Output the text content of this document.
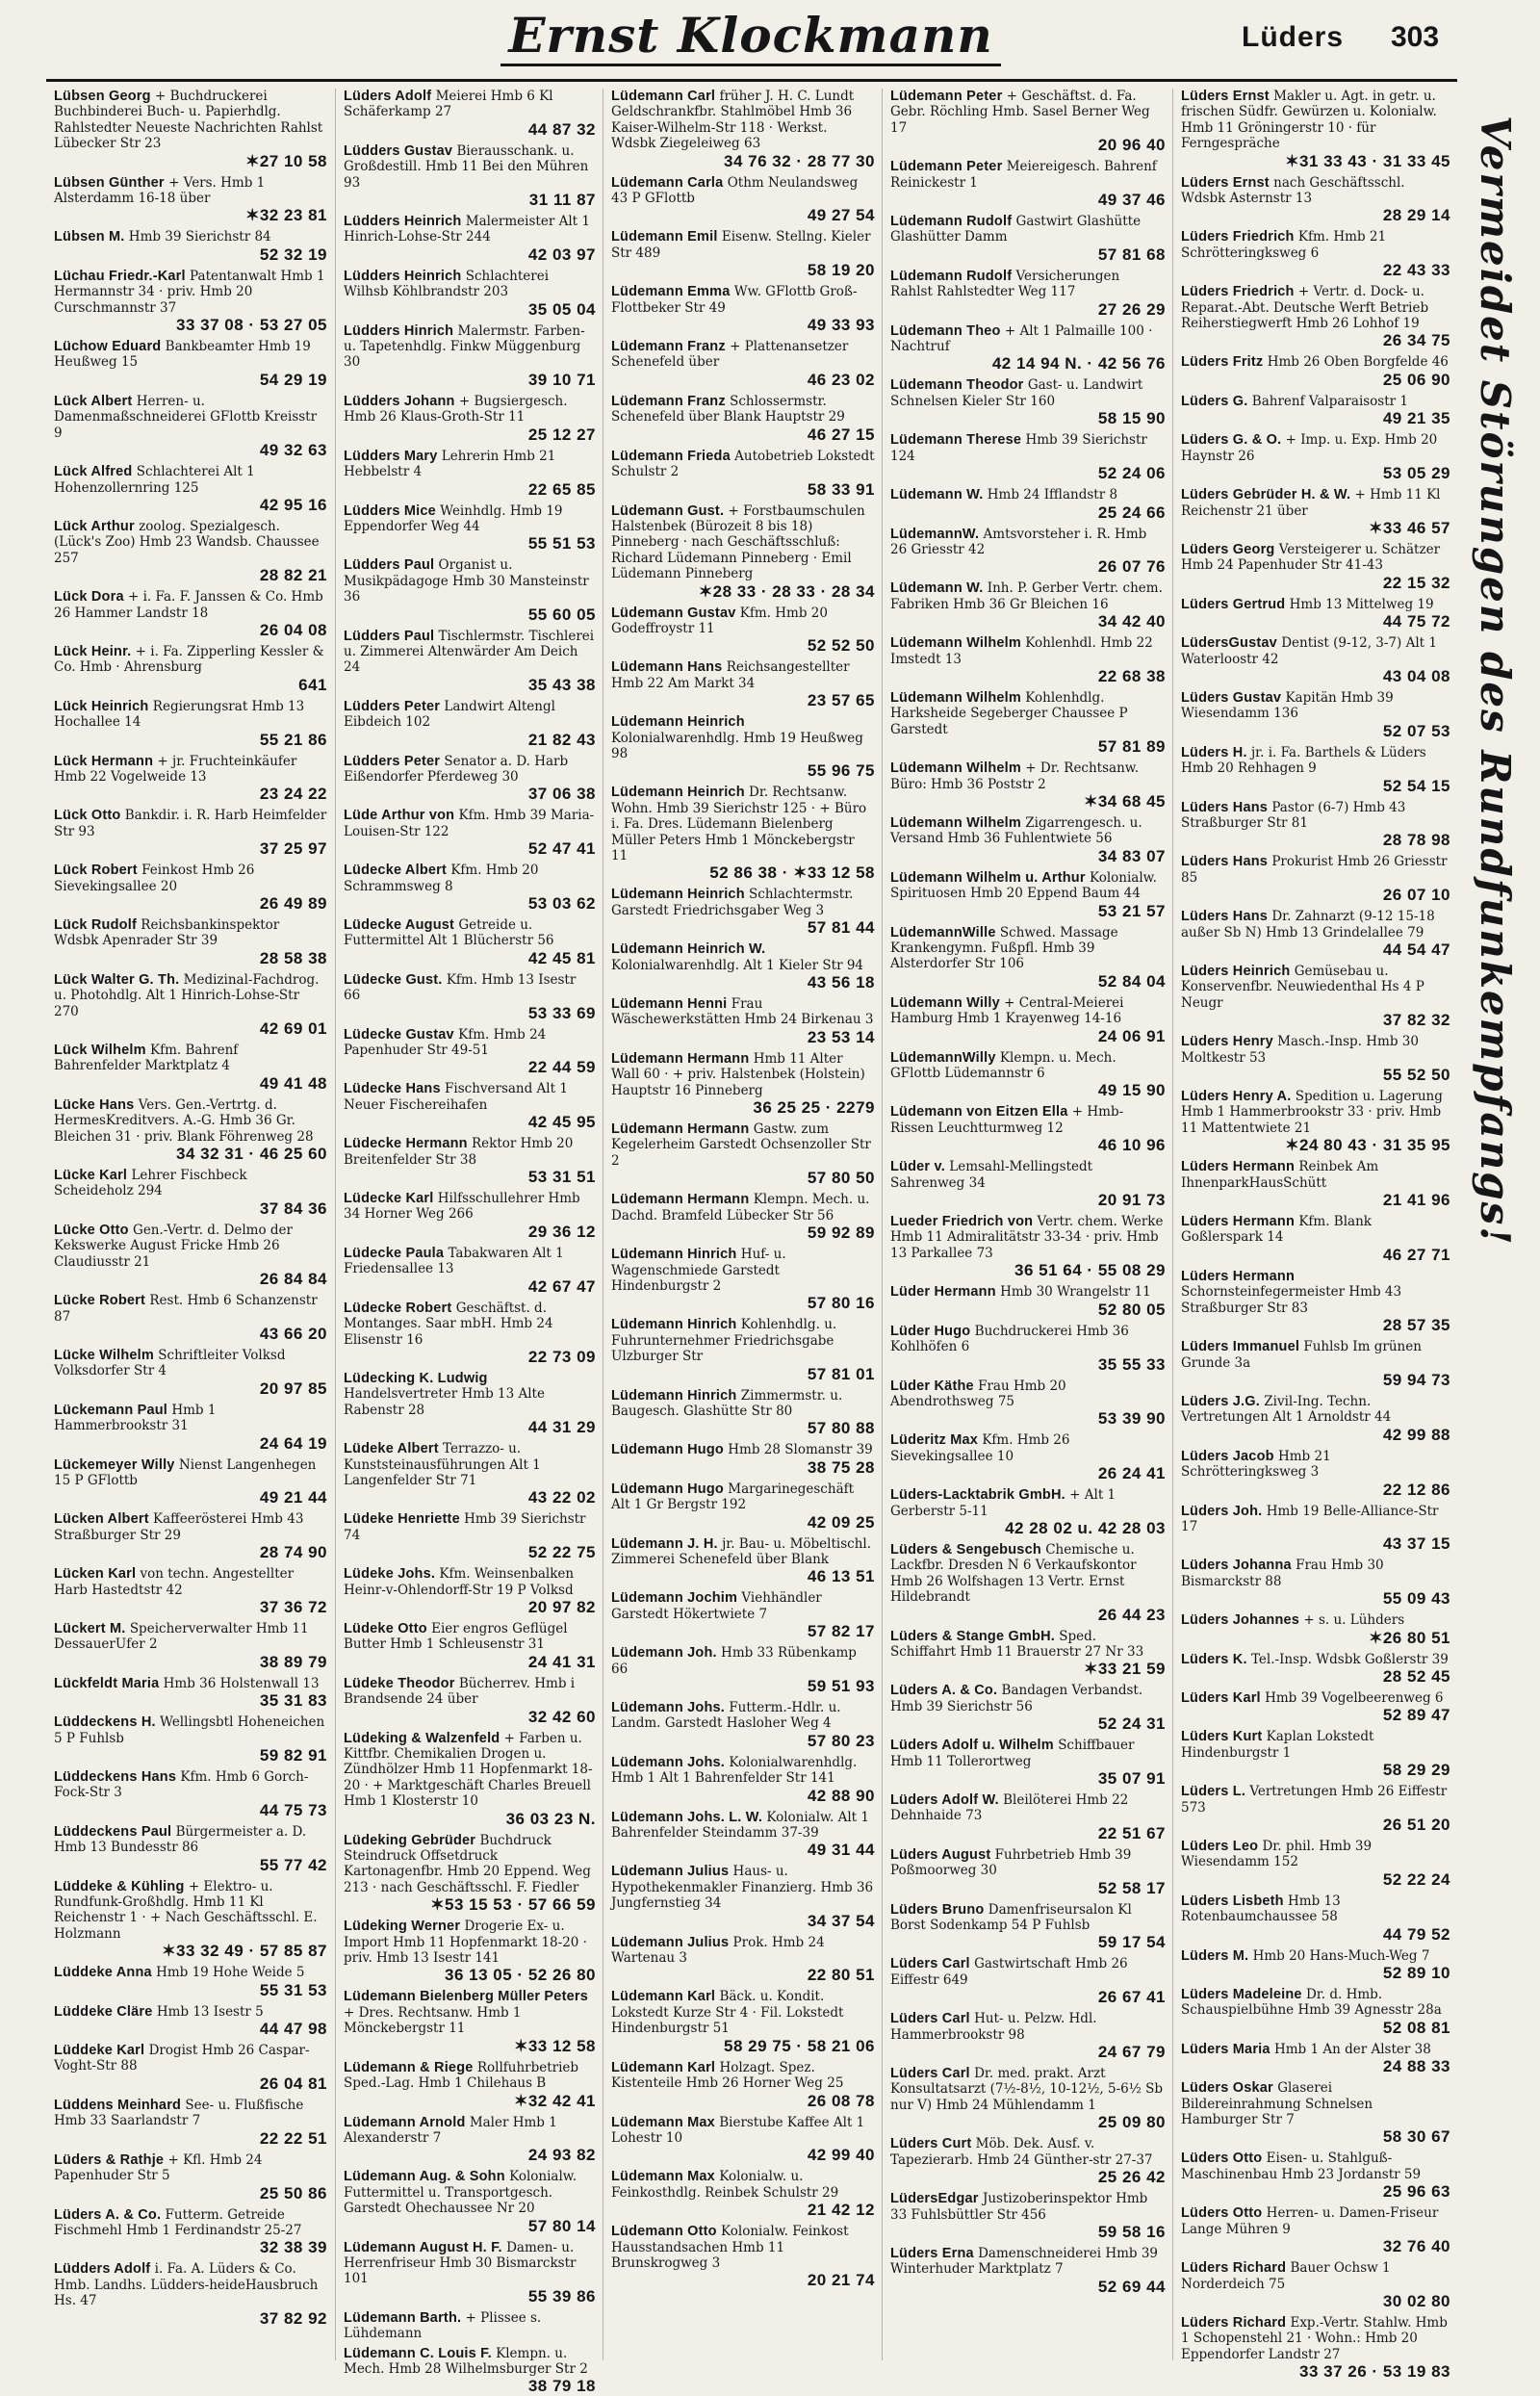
Ernst Klockmann	Lüders 303
Lübsen Georg + Buchdruckerei Buchbinderei Buch- u. Papierhdlg. Rahlstedter Neueste Nachrichten Rahlst Lübecker Str 23
✶27 10 58
Lübsen Günther + Vers. Hmb 1 Alsterdamm 16-18 über
✶32 23 81
Lübsen M. Hmb 39 Sierichstr 84
52 32 19
Lüchau Friedr.-Karl Patentanwalt Hmb 1 Hermannstr 34 · priv. Hmb 20 Curschmannstr 37
33 37 08 · 53 27 05
Lüchow Eduard Bankbeamter Hmb 19 Heußweg 15
54 29 19
Lück Albert Herren- u. Damenmaßschneiderei GFlottb Kreisstr 9
49 32 63
Lück Alfred Schlachterei Alt 1 Hohenzollernring 125
42 95 16
Lück Arthur zoolog. Spezialgesch. (Lück's Zoo) Hmb 23 Wandsb. Chaussee 257
28 82 21
Lück Dora + i. Fa. F. Janssen & Co. Hmb 26 Hammer Landstr 18
26 04 08
Lück Heinr. + i. Fa. Zipperling Kessler & Co. Hmb · Ahrensburg
641
Lück Heinrich Regierungsrat Hmb 13 Hochallee 14
55 21 86
Lück Hermann + jr. Fruchteinkäufer Hmb 22 Vogelweide 13
23 24 22
Lück Otto Bankdir. i. R. Harb Heimfelder Str 93
37 25 97
Lück Robert Feinkost Hmb 26 Sievekingsallee 20
26 49 89
Lück Rudolf Reichsbankinspektor Wdsbk Apenrader Str 39
28 58 38
Lück Walter G. Th. Medizinal-Fachdrog. u. Photohdlg. Alt 1 Hinrich-Lohse-Str 270
42 69 01
Lück Wilhelm Kfm. Bahrenf Bahrenfelder Marktplatz 4
49 41 48
Lücke Hans Vers. Gen.-Vertrtg. d. HermesKreditvers. A.-G. Hmb 36 Gr. Bleichen 31 · priv. Blank Föhrenweg 28
34 32 31 · 46 25 60
Lücke Karl Lehrer Fischbeck Scheideholz 294
37 84 36
Lücke Otto Gen.-Vertr. d. Delmo der Kekswerke August Fricke Hmb 26 Claudiusstr 21
26 84 84
Lücke Robert Rest. Hmb 6 Schanzenstr 87
43 66 20
Lücke Wilhelm Schriftleiter Volksd Volksdorfer Str 4
20 97 85
Lückemann Paul Hmb 1 Hammerbrookstr 31
24 64 19
Lückemeyer Willy Nienst Langenhegen 15 P GFlottb
49 21 44
Lücken Albert Kaffeerösterei Hmb 43 Straßburger Str 29
28 74 90
Lücken Karl von techn. Angestellter Harb Hastedtstr 42
37 36 72
Lückert M. Speicherverwalter Hmb 11 DessauerUfer 2
38 89 79
Lückfeldt Maria Hmb 36 Holstenwall 13
35 31 83
Lüddeckens H. Wellingsbtl Hoheneichen 5 P Fuhlsb
59 82 91
Lüddeckens Hans Kfm. Hmb 6 Gorch-Fock-Str 3
44 75 73
Lüddeckens Paul Bürgermeister a. D. Hmb 13 Bundesstr 86
55 77 42
Lüddeke & Kühling + Elektro- u. Rundfunk-Großhdlg. Hmb 11 Kl Reichenstr 1 · + Nach Geschäftsschl. E. Holzmann
✶33 32 49 · 57 85 87
Lüddeke Anna Hmb 19 Hohe Weide 5
55 31 53
Lüddeke Cläre Hmb 13 Isestr 5
44 47 98
Lüddeke Karl Drogist Hmb 26 Caspar-Voght-Str 88
26 04 81
Lüddens Meinhard See- u. Flußfische Hmb 33 Saarlandstr 7
22 22 51
Lüders & Rathje + Kfl. Hmb 24 Papenhuder Str 5
25 50 86
Lüders A. & Co. Futterm. Getreide Fischmehl Hmb 1 Ferdinandstr 25-27
32 38 39
Lüdders Adolf i. Fa. A. Lüders & Co. Hmb. Landhs. Lüdders-heideHausbruch Hs. 47
37 82 92
Lüders Adolf Meierei Hmb 6 Kl Schäferkamp 27
44 87 32
Lüdders Gustav Bierausschank. u. Großdestill. Hmb 11 Bei den Mühren 93
31 11 87
Lüdders Heinrich Malermeister Alt 1 Hinrich-Lohse-Str 244
42 03 97
Lüdders Heinrich Schlachterei Wilhsb Köhlbrandstr 203
35 05 04
Lüdders Hinrich Malermstr. Farben- u. Tapetenhdlg. Finkw Müggenburg 30
39 10 71
Lüdders Johann + Bugsiergesch. Hmb 26 Klaus-Groth-Str 11
25 12 27
Lüdders Mary Lehrerin Hmb 21 Hebbelstr 4
22 65 85
Lüdders Mice Weinhdlg. Hmb 19 Eppendorfer Weg 44
55 51 53
Lüdders Paul Organist u. Musikpädagoge Hmb 30 Mansteinstr 36
55 60 05
Lüdders Paul Tischlermstr. Tischlerei u. Zimmerei Altenwärder Am Deich 24
35 43 38
Lüdders Peter Landwirt Altengl Eibdeich 102
21 82 43
Lüdders Peter Senator a. D. Harb Eißendorfer Pferdeweg 30
37 06 38
Lüde Arthur von Kfm. Hmb 39 Maria-Louisen-Str 122
52 47 41
Lüdecke Albert Kfm. Hmb 20 Schrammsweg 8
53 03 62
Lüdecke August Getreide u. Futtermittel Alt 1 Blücherstr 56
42 45 81
Lüdecke Gust. Kfm. Hmb 13 Isestr 66
53 33 69
Lüdecke Gustav Kfm. Hmb 24 Papenhuder Str 49-51
22 44 59
Lüdecke Hans Fischversand Alt 1 Neuer Fischereihafen
42 45 95
Lüdecke Hermann Rektor Hmb 20 Breitenfelder Str 38
53 31 51
Lüdecke Karl Hilfsschullehrer Hmb 34 Horner Weg 266
29 36 12
Lüdecke Paula Tabakwaren Alt 1 Friedensallee 13
42 67 47
Lüdecke Robert Geschäftst. d. Montanges. Saar mbH. Hmb 24 Elisenstr 16
22 73 09
Lüdecking K. Ludwig Handelsvertreter Hmb 13 Alte Rabenstr 28
44 31 29
Lüdeke Albert Terrazzo- u. Kunststeinausführungen Alt 1 Langenfelder Str 71
43 22 02
Lüdeke Henriette Hmb 39 Sierichstr 74
52 22 75
Lüdeke Johs. Kfm. Weinsenbalken Heinr-v-Ohlendorff-Str 19 P Volksd
20 97 82
Lüdeke Otto Eier engros Geflügel Butter Hmb 1 Schleusenstr 31
24 41 31
Lüdeke Theodor Bücherrev. Hmb i Brandsende 24 über
32 42 60
Lüdeking & Walzenfeld + Farben u. Kittfbr. Chemikalien Drogen u. Zündhölzer Hmb 11 Hopfenmarkt 18-20 · + Marktgeschäft Charles Breuell Hmb 1 Klosterstr 10
36 03 23 N.
Lüdeking Gebrüder Buchdruck Steindruck Offsetdruck Kartonagenfbr. Hmb 20 Eppend. Weg 213 · nach Geschäftsschl. F. Fiedler
✶53 15 53 · 57 66 59
Lüdeking Werner Drogerie Ex- u. Import Hmb 11 Hopfenmarkt 18-20 · priv. Hmb 13 Isestr 141
36 13 05 · 52 26 80
Lüdemann Bielenberg Müller Peters + Dres. Rechtsanw. Hmb 1 Mönckebergstr 11
✶33 12 58
Lüdemann & Riege Rollfuhrbetrieb Sped.-Lag. Hmb 1 Chilehaus B
✶32 42 41
Lüdemann Arnold Maler Hmb 1 Alexanderstr 7
24 93 82
Lüdemann Aug. & Sohn Kolonialw. Futtermittel u. Transportgesch. Garstedt Ohechaussee Nr 20
57 80 14
Lüdemann August H. F. Damen- u. Herrenfriseur Hmb 30 Bismarckstr 101
55 39 86
Lüdemann Barth. + Plissee s. Lühdemann
Lüdemann C. Louis F. Klempn. u. Mech. Hmb 28 Wilhelmsburger Str 2
38 79 18
Lüdemann Carl früher J. H. C. Lundt Geldschrankfbr. Stahlmöbel Hmb 36 Kaiser-Wilhelm-Str 118 · Werkst. Wdsbk Ziegeleiweg 63
34 76 32 · 28 77 30
Lüdemann Carla Othm Neulandsweg 43 P GFlottb
49 27 54
Lüdemann Emil Eisenw. Stellng. Kieler Str 489
58 19 20
Lüdemann Emma Ww. GFlottb Groß-Flottbeker Str 49
49 33 93
Lüdemann Franz + Plattenansetzer Schenefeld über
46 23 02
Lüdemann Franz Schlossermstr. Schenefeld über Blank Hauptstr 29
46 27 15
Lüdemann Frieda Autobetrieb Lokstedt Schulstr 2
58 33 91
Lüdemann Gust. + Forstbaumschulen Halstenbek (Bürozeit 8 bis 18) Pinneberg · nach Geschäftsschluß: Richard Lüdemann Pinneberg · Emil Lüdemann Pinneberg
✶28 33 · 28 33 · 28 34
Lüdemann Gustav Kfm. Hmb 20 Godeffroystr 11
52 52 50
Lüdemann Hans Reichsangestellter Hmb 22 Am Markt 34
23 57 65
Lüdemann Heinrich Kolonialwarenhdlg. Hmb 19 Heußweg 98
55 96 75
Lüdemann Heinrich Dr. Rechtsanw. Wohn. Hmb 39 Sierichstr 125 · + Büro i. Fa. Dres. Lüdemann Bielenberg Müller Peters Hmb 1 Mönckebergstr 11
52 86 38 · ✶33 12 58
Lüdemann Heinrich Schlachtermstr. Garstedt Friedrichsgaber Weg 3
57 81 44
Lüdemann Heinrich W. Kolonialwarenhdlg. Alt 1 Kieler Str 94
43 56 18
Lüdemann Henni Frau Wäschewerkstätten Hmb 24 Birkenau 3
23 53 14
Lüdemann Hermann Hmb 11 Alter Wall 60 · + priv. Halstenbek (Holstein) Hauptstr 16 Pinneberg
36 25 25 · 2279
Lüdemann Hermann Gastw. zum Kegelerheim Garstedt Ochsenzoller Str 2
57 80 50
Lüdemann Hermann Klempn. Mech. u. Dachd. Bramfeld Lübecker Str 56
59 92 89
Lüdemann Hinrich Huf- u. Wagenschmiede Garstedt Hindenburgstr 2
57 80 16
Lüdemann Hinrich Kohlenhdlg. u. Fuhrunternehmer Friedrichsgabe Ulzburger Str
57 81 01
Lüdemann Hinrich Zimmermstr. u. Baugesch. Glashütte Str 80
57 80 88
Lüdemann Hugo Hmb 28 Slomanstr 39
38 75 28
Lüdemann Hugo Margarinegeschäft Alt 1 Gr Bergstr 192
42 09 25
Lüdemann J. H. jr. Bau- u. Möbeltischl. Zimmerei Schenefeld über Blank
46 13 51
Lüdemann Jochim Viehhändler Garstedt Hökertwiete 7
57 82 17
Lüdemann Joh. Hmb 33 Rübenkamp 66
59 51 93
Lüdemann Johs. Futterm.-Hdlr. u. Landm. Garstedt Hasloher Weg 4
57 80 23
Lüdemann Johs. Kolonialwarenhdlg. Hmb 1 Alt 1 Bahrenfelder Str 141
42 88 90
Lüdemann Johs. L. W. Kolonialw. Alt 1 Bahrenfelder Steindamm 37-39
49 31 44
Lüdemann Julius Haus- u. Hypothekenmakler Finanzierg. Hmb 36 Jungfernstieg 34
34 37 54
Lüdemann Julius Prok. Hmb 24 Wartenau 3
22 80 51
Lüdemann Karl Bäck. u. Kondit. Lokstedt Kurze Str 4 · Fil. Lokstedt Hindenburgstr 51
58 29 75 · 58 21 06
Lüdemann Karl Holzagt. Spez. Kistenteile Hmb 26 Horner Weg 25
26 08 78
Lüdemann Max Bierstube Kaffee Alt 1 Lohestr 10
42 99 40
Lüdemann Max Kolonialw. u. Feinkosthdlg. Reinbek Schulstr 29
21 42 12
Lüdemann Otto Kolonialw. Feinkost Hausstandsachen Hmb 11 Brunskrogweg 3
20 21 74
Lüdemann Peter + Geschäftst. d. Fa. Gebr. Röchling Hmb. Sasel Berner Weg 17
20 96 40
Lüdemann Peter Meiereigesch. Bahrenf Reinickestr 1
49 37 46
Lüdemann Rudolf Gastwirt Glashütte Glashütter Damm
57 81 68
Lüdemann Rudolf Versicherungen Rahlst Rahlstedter Weg 117
27 26 29
Lüdemann Theo + Alt 1 Palmaille 100 · Nachtruf
42 14 94 N. · 42 56 76
Lüdemann Theodor Gast- u. Landwirt Schnelsen Kieler Str 160
58 15 90
Lüdemann Therese Hmb 39 Sierichstr 124
52 24 06
Lüdemann W. Hmb 24 Ifflandstr 8
25 24 66
LüdemannW. Amtsvorsteher i. R. Hmb 26 Griesstr 42
26 07 76
Lüdemann W. Inh. P. Gerber Vertr. chem. Fabriken Hmb 36 Gr Bleichen 16
34 42 40
Lüdemann Wilhelm Kohlenhdl. Hmb 22 Imstedt 13
22 68 38
Lüdemann Wilhelm Kohlenhdlg. Harksheide Segeberger Chaussee P Garstedt
57 81 89
Lüdemann Wilhelm + Dr. Rechtsanw. Büro: Hmb 36 Poststr 2
✶34 68 45
Lüdemann Wilhelm Zigarrengesch. u. Versand Hmb 36 Fuhlentwiete 56
34 83 07
Lüdemann Wilhelm u. Arthur Kolonialw. Spirituosen Hmb 20 Eppend Baum 44
53 21 57
LüdemannWille Schwed. Massage Krankengymn. Fußpfl. Hmb 39 Alsterdorfer Str 106
52 84 04
Lüdemann Willy + Central-Meierei Hamburg Hmb 1 Krayenweg 14-16
24 06 91
LüdemannWilly Klempn. u. Mech. GFlottb Lüdemannstr 6
49 15 90
Lüdemann von Eitzen Ella + Hmb-Rissen Leuchtturmweg 12
46 10 96
Lüder v. Lemsahl-Mellingstedt Sahrenweg 34
20 91 73
Lueder Friedrich von Vertr. chem. Werke Hmb 11 Admiralitätstr 33-34 · priv. Hmb 13 Parkallee 73
36 51 64 · 55 08 29
Lüder Hermann Hmb 30 Wrangelstr 11
52 80 05
Lüder Hugo Buchdruckerei Hmb 36 Kohlhöfen 6
35 55 33
Lüder Käthe Frau Hmb 20 Abendrothsweg 75
53 39 90
Lüderitz Max Kfm. Hmb 26 Sievekingsallee 10
26 24 41
Lüders-Lacktabrik GmbH. + Alt 1 Gerberstr 5-11
42 28 02 u. 42 28 03
Lüders & Sengebusch Chemische u. Lackfbr. Dresden N 6 Verkaufskontor Hmb 26 Wolfshagen 13 Vertr. Ernst Hildebrandt
26 44 23
Lüders & Stange GmbH. Sped. Schiffahrt Hmb 11 Brauerstr 27 Nr 33
✶33 21 59
Lüders A. & Co. Bandagen Verbandst. Hmb 39 Sierichstr 56
52 24 31
Lüders Adolf u. Wilhelm Schiffbauer Hmb 11 Tollerortweg
35 07 91
Lüders Adolf W. Bleilöterei Hmb 22 Dehnhaide 73
22 51 67
Lüders August Fuhrbetrieb Hmb 39 Poßmoorweg 30
52 58 17
Lüders Bruno Damenfriseursalon Kl Borst Sodenkamp 54 P Fuhlsb
59 17 54
Lüders Carl Gastwirtschaft Hmb 26 Eiffestr 649
26 67 41
Lüders Carl Hut- u. Pelzw. Hdl. Hammerbrookstr 98
24 67 79
Lüders Carl Dr. med. prakt. Arzt Konsultatsarzt (7½-8½, 10-12½, 5-6½ Sb nur V) Hmb 24 Mühlendamm 1
25 09 80
Lüders Curt Möb. Dek. Ausf. v. Tapezierarb. Hmb 24 Günther-str 27-37
25 26 42
LüdersEdgar Justizoberinspektor Hmb 33 Fuhlsbüttler Str 456
59 58 16
Lüders Erna Damenschneiderei Hmb 39 Winterhuder Marktplatz 7
52 69 44
Lüders Ernst Makler u. Agt. in getr. u. frischen Südfr. Gewürzen u. Kolonialw. Hmb 11 Gröningerstr 10 · für Ferngespräche
✶31 33 43 · 31 33 45
Lüders Ernst nach Geschäftsschl. Wdsbk Asternstr 13
28 29 14
Lüders Friedrich Kfm. Hmb 21 Schrötteringksweg 6
22 43 33
Lüders Friedrich + Vertr. d. Dock- u. Reparat.-Abt. Deutsche Werft Betrieb Reiherstiegwerft Hmb 26 Lohhof 19
26 34 75
Lüders Fritz Hmb 26 Oben Borgfelde 46
25 06 90
Lüders G. Bahrenf Valparaisostr 1
49 21 35
Lüders G. & O. + Imp. u. Exp. Hmb 20 Haynstr 26
53 05 29
Lüders Gebrüder H. & W. + Hmb 11 Kl Reichenstr 21 über
✶33 46 57
Lüders Georg Versteigerer u. Schätzer Hmb 24 Papenhuder Str 41-43
22 15 32
Lüders Gertrud Hmb 13 Mittelweg 19
44 75 72
LüdersGustav Dentist (9-12, 3-7) Alt 1 Waterloostr 42
43 04 08
Lüders Gustav Kapitän Hmb 39 Wiesendamm 136
52 07 53
Lüders H. jr. i. Fa. Barthels & Lüders Hmb 20 Rehhagen 9
52 54 15
Lüders Hans Pastor (6-7) Hmb 43 Straßburger Str 81
28 78 98
Lüders Hans Prokurist Hmb 26 Griesstr 85
26 07 10
Lüders Hans Dr. Zahnarzt (9-12 15-18 außer Sb N) Hmb 13 Grindelallee 79
44 54 47
Lüders Heinrich Gemüsebau u. Konservenfbr. Neuwiedenthal Hs 4 P Neugr
37 82 32
Lüders Henry Masch.-Insp. Hmb 30 Moltkestr 53
55 52 50
Lüders Henry A. Spedition u. Lagerung Hmb 1 Hammerbrookstr 33 · priv. Hmb 11 Mattentwiete 21
✶24 80 43 · 31 35 95
Lüders Hermann Reinbek Am IhnenparkHausSchütt
21 41 96
Lüders Hermann Kfm. Blank Goßlerspark 14
46 27 71
Lüders Hermann Schornsteinfegermeister Hmb 43 Straßburger Str 83
28 57 35
Lüders Immanuel Fuhlsb Im grünen Grunde 3a
59 94 73
Lüders J.G. Zivil-Ing. Techn. Vertretungen Alt 1 Arnoldstr 44
42 99 88
Lüders Jacob Hmb 21 Schrötteringksweg 3
22 12 86
Lüders Joh. Hmb 19 Belle-Alliance-Str 17
43 37 15
Lüders Johanna Frau Hmb 30 Bismarckstr 88
55 09 43
Lüders Johannes + s. u. Lühders
✶26 80 51
Lüders K. Tel.-Insp. Wdsbk Goßlerstr 39
28 52 45
Lüders Karl Hmb 39 Vogelbeerenweg 6
52 89 47
Lüders Kurt Kaplan Lokstedt Hindenburgstr 1
58 29 29
Lüders L. Vertretungen Hmb 26 Eiffestr 573
26 51 20
Lüders Leo Dr. phil. Hmb 39 Wiesendamm 152
52 22 24
Lüders Lisbeth Hmb 13 Rotenbaumchaussee 58
44 79 52
Lüders M. Hmb 20 Hans-Much-Weg 7
52 89 10
Lüders Madeleine Dr. d. Hmb. Schauspielbühne Hmb 39 Agnesstr 28a
52 08 81
Lüders Maria Hmb 1 An der Alster 38
24 88 33
Lüders Oskar Glaserei Bildereinrahmung Schnelsen Hamburger Str 7
58 30 67
Lüders Otto Eisen- u. Stahlguß-Maschinenbau Hmb 23 Jordanstr 59
25 96 63
Lüders Otto Herren- u. Damen-Friseur Lange Mühren 9
32 76 40
Lüders Richard Bauer Ochsw 1 Norderdeich 75
30 02 80
Lüders Richard Exp.-Vertr. Stahlw. Hmb 1 Schopenstehl 21 · Wohn.: Hmb 20 Eppendorfer Landstr 27
33 37 26 · 53 19 83
Vermeidet Störungen des Rundfunkempfangs!
